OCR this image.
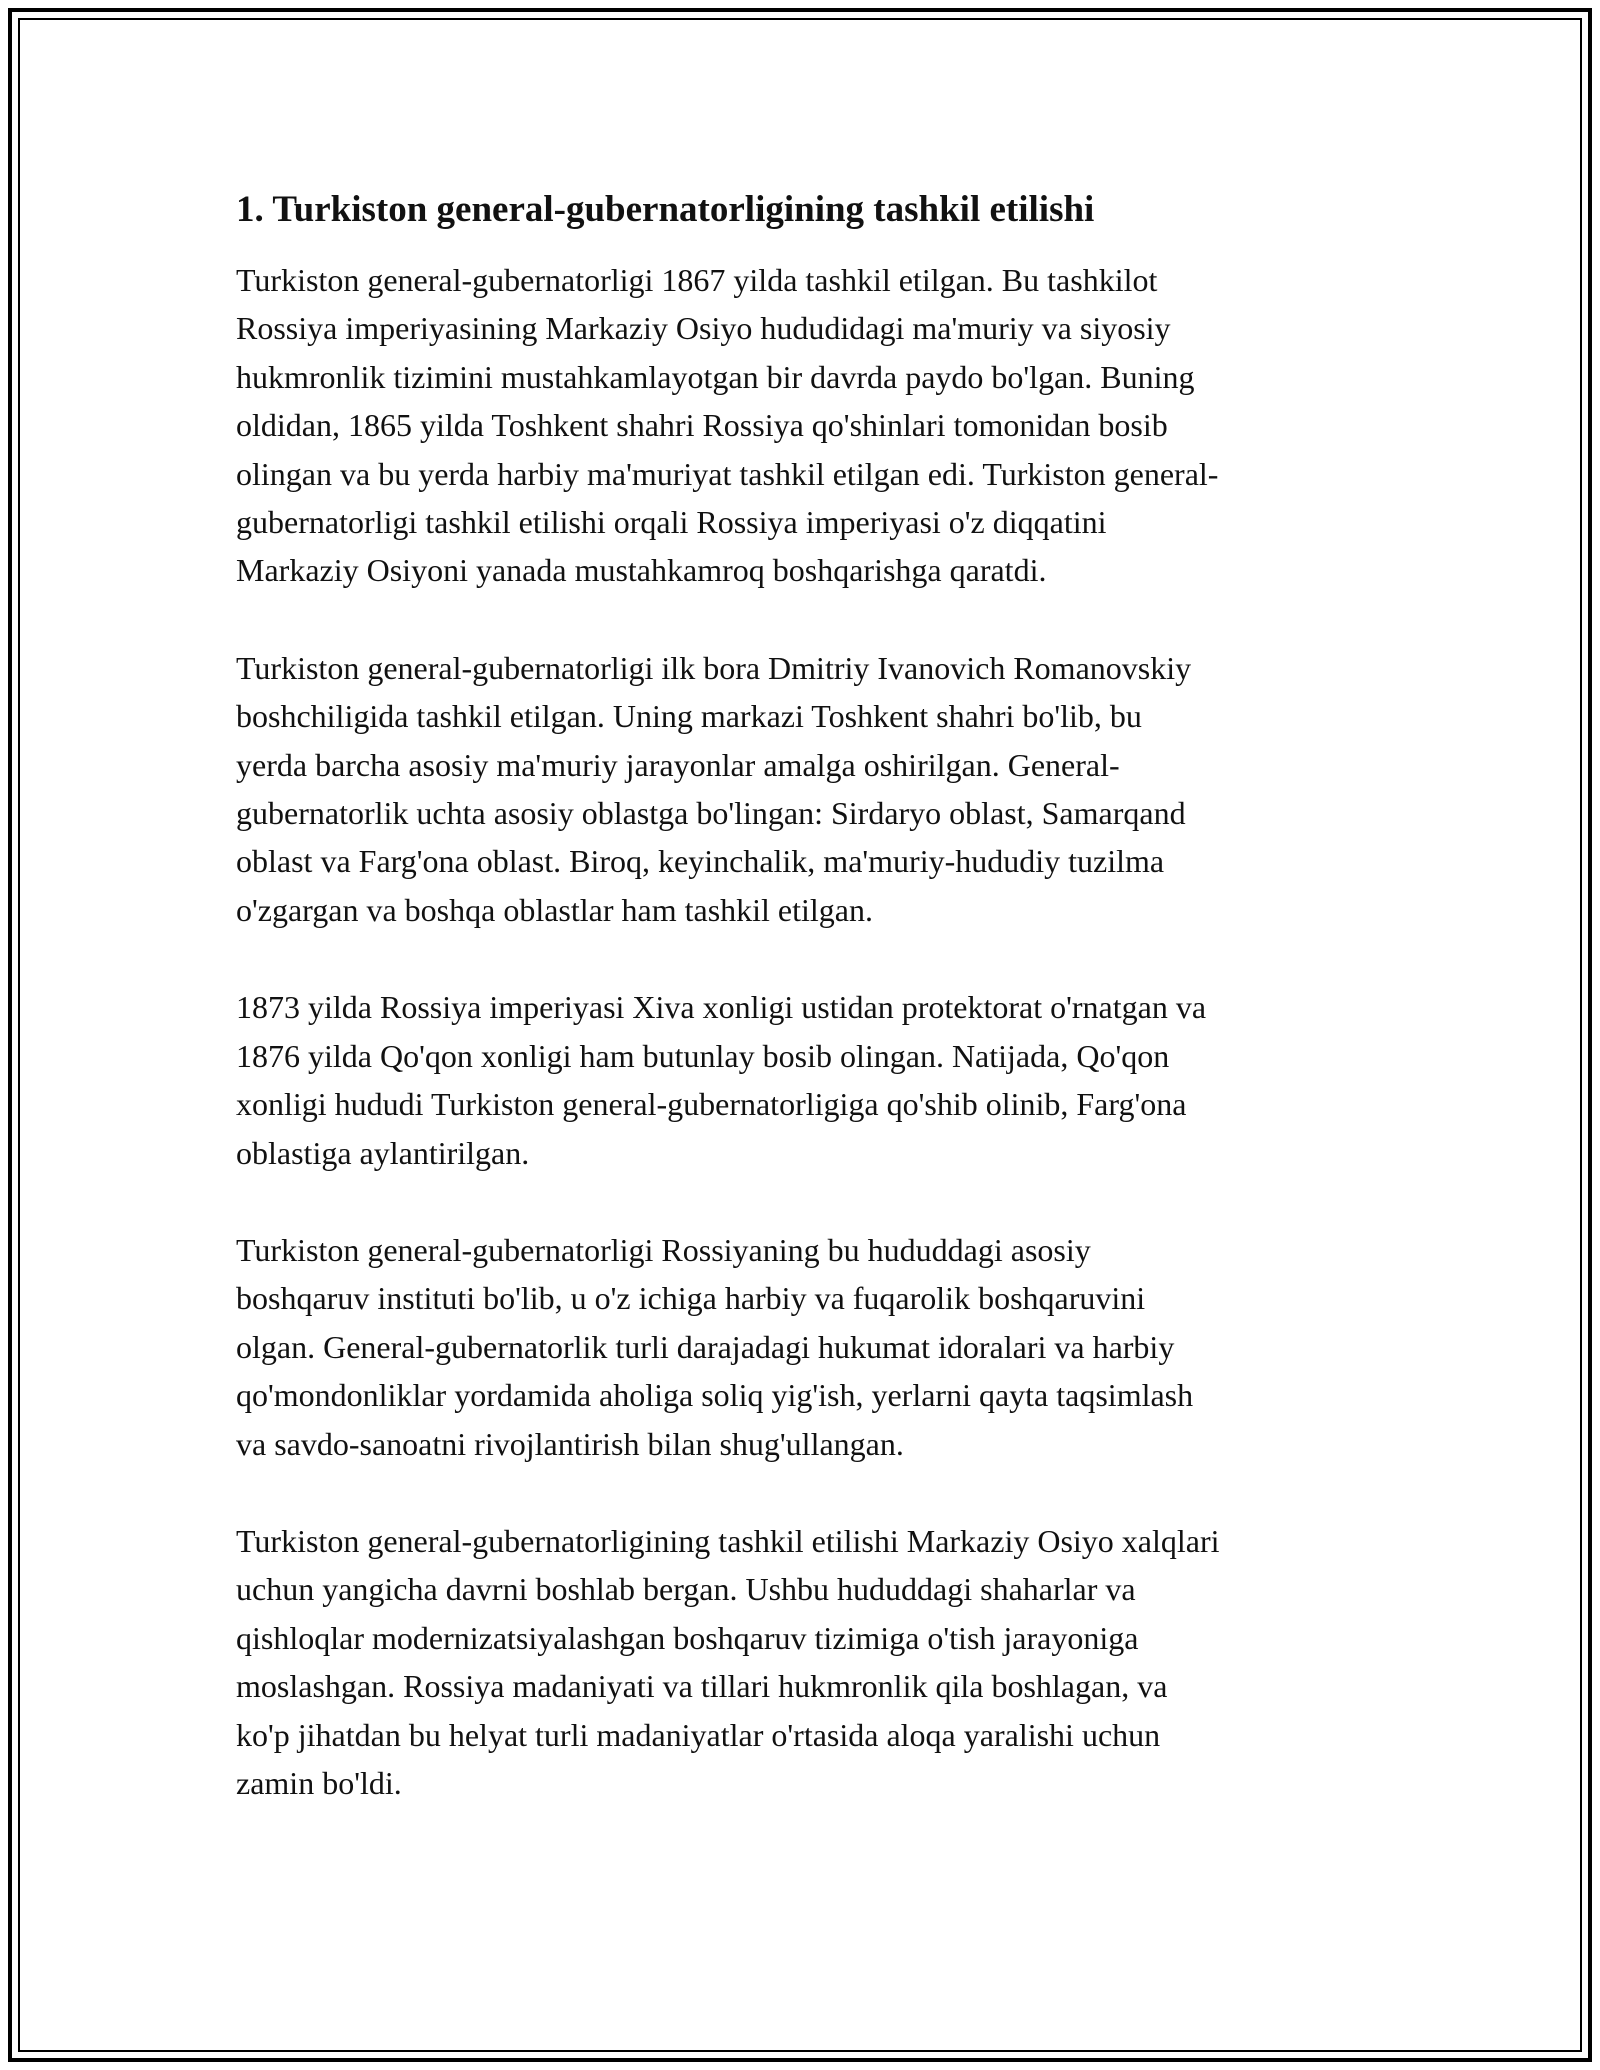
1. Turkiston general-gubernatorligining tashkil etilishi

Turkiston general-gubernatorligi 1867 yilda tashkil etilgan. Bu tashkilot
Rossiya imperiyasining Markaziy Osiyo hududidagi ma'muriy va siyosiy
hukmronlik tizimini mustahkamlayotgan bir davrda paydo bo'lgan. Buning
oldidan, 1865 yilda Toshkent shahri Rossiya qo'shinlari tomonidan bosib
olingan va bu yerda harbiy ma'muriyat tashkil etilgan edi. Turkiston general-
gubernatorligi tashkil etilishi orqali Rossiya imperiyasi o'z diqqatini
Markaziy Osiyoni yanada mustahkamroq boshqarishga qaratdi.

Turkiston general-gubernatorligi ilk bora Dmitriy Ivanovich Romanovskiy
boshchiligida tashkil etilgan. Uning markazi Toshkent shahri bo'lib, bu
yerda barcha asosiy ma'muriy jarayonlar amalga oshirilgan. General-
gubernatorlik uchta asosiy oblastga bo'lingan: Sirdaryo oblast, Samarqand
oblast va Farg'ona oblast. Biroq, keyinchalik, ma'muriy-hududiy tuzilma
o'zgargan va boshqa oblastlar ham tashkil etilgan.

1873 yilda Rossiya imperiyasi Xiva xonligi ustidan protektorat o'rnatgan va
1876 yilda Qo'qon xonligi ham butunlay bosib olingan. Natijada, Qo'qon
xonligi hududi Turkiston general-gubernatorligiga qo'shib olinib, Farg'ona
oblastiga aylantirilgan.

Turkiston general-gubernatorligi Rossiyaning bu hududdagi asosiy
boshqaruv instituti bo'lib, u o'z ichiga harbiy va fuqarolik boshqaruvini
olgan. General-gubernatorlik turli darajadagi hukumat idoralari va harbiy
qo'mondonliklar yordamida aholiga soliq yig'ish, yerlarni qayta taqsimlash
va savdo-sanoatni rivojlantirish bilan shug'ullangan.

Turkiston general-gubernatorligining tashkil etilishi Markaziy Osiyo xalqlari
uchun yangicha davrni boshlab bergan. Ushbu hududdagi shaharlar va
qishloqlar modernizatsiyalashgan boshqaruv tizimiga o'tish jarayoniga
moslashgan. Rossiya madaniyati va tillari hukmronlik qila boshlagan, va
ko'p jihatdan bu helyat turli madaniyatlar o'rtasida aloqa yaralishi uchun
zamin bo'ldi.
